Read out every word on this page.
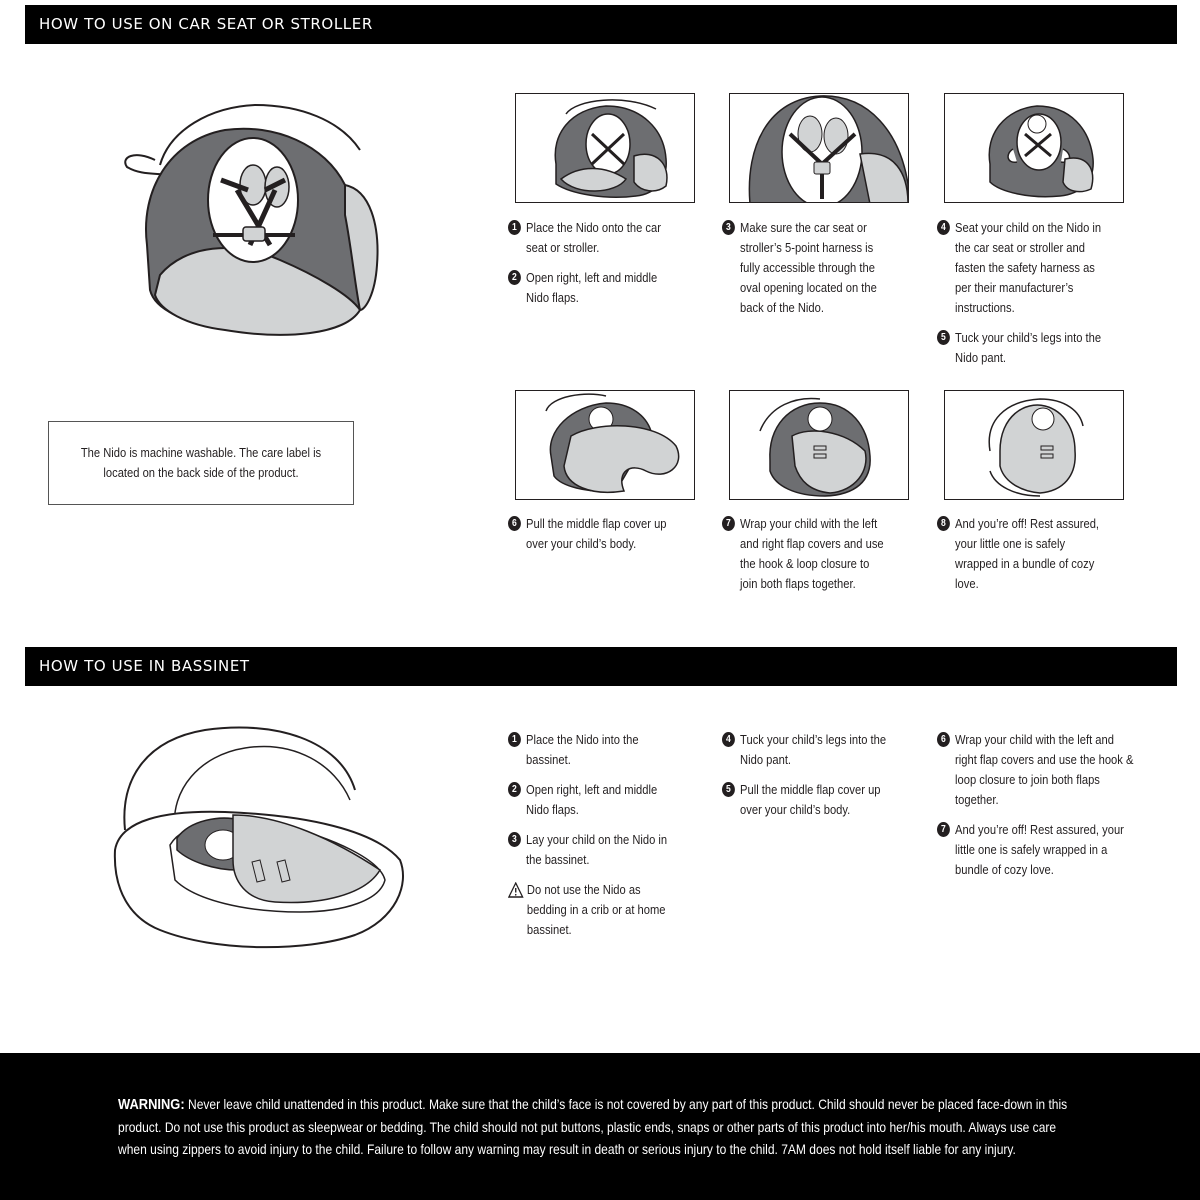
HOW TO USE ON CAR SEAT OR STROLLER
The Nido is machine washable. The care label is located on the back side of the product.

1 Place the Nido onto the car seat or stroller.

2 Open right, left and middle Nido flaps.

3 Make sure the car seat or stroller’s 5-point harness is fully accessible through the oval opening located on the back of the Nido.

4 Seat your child on the Nido in the car seat or stroller and fasten the safety harness as per their manufacturer’s instructions.

5 Tuck your child’s legs into the Nido pant.

6 Pull the middle flap cover up over your child’s body.

7 Wrap your child with the left and right flap covers and use the hook & loop closure to join both flaps together.

8 And you’re off! Rest assured, your little one is safely wrapped in a bundle of cozy love.

HOW TO USE IN BASSINET

1 Place the Nido into the bassinet.

2 Open right, left and middle Nido flaps.

3 Lay your child on the Nido in the bassinet.

Do not use the Nido as bedding in a crib or at home bassinet.

4 Tuck your child’s legs into the Nido pant.

5 Pull the middle flap cover up over your child’s body.

6 Wrap your child with the left and right flap covers and use the hook & loop closure to join both flaps together.

7 And you’re off! Rest assured, your little one is safely wrapped in a bundle of cozy love.

WARNING: Never leave child unattended in this product. Make sure that the child’s face is not covered by any part of this product. Child should never be placed face-down in this product. Do not use this product as sleepwear or bedding. The child should not put buttons, plastic ends, snaps or other parts of this product into her/his mouth. Always use care when using zippers to avoid injury to the child. Failure to follow any warning may result in death or serious injury to the child. 7AM does not hold itself liable for any injury.
